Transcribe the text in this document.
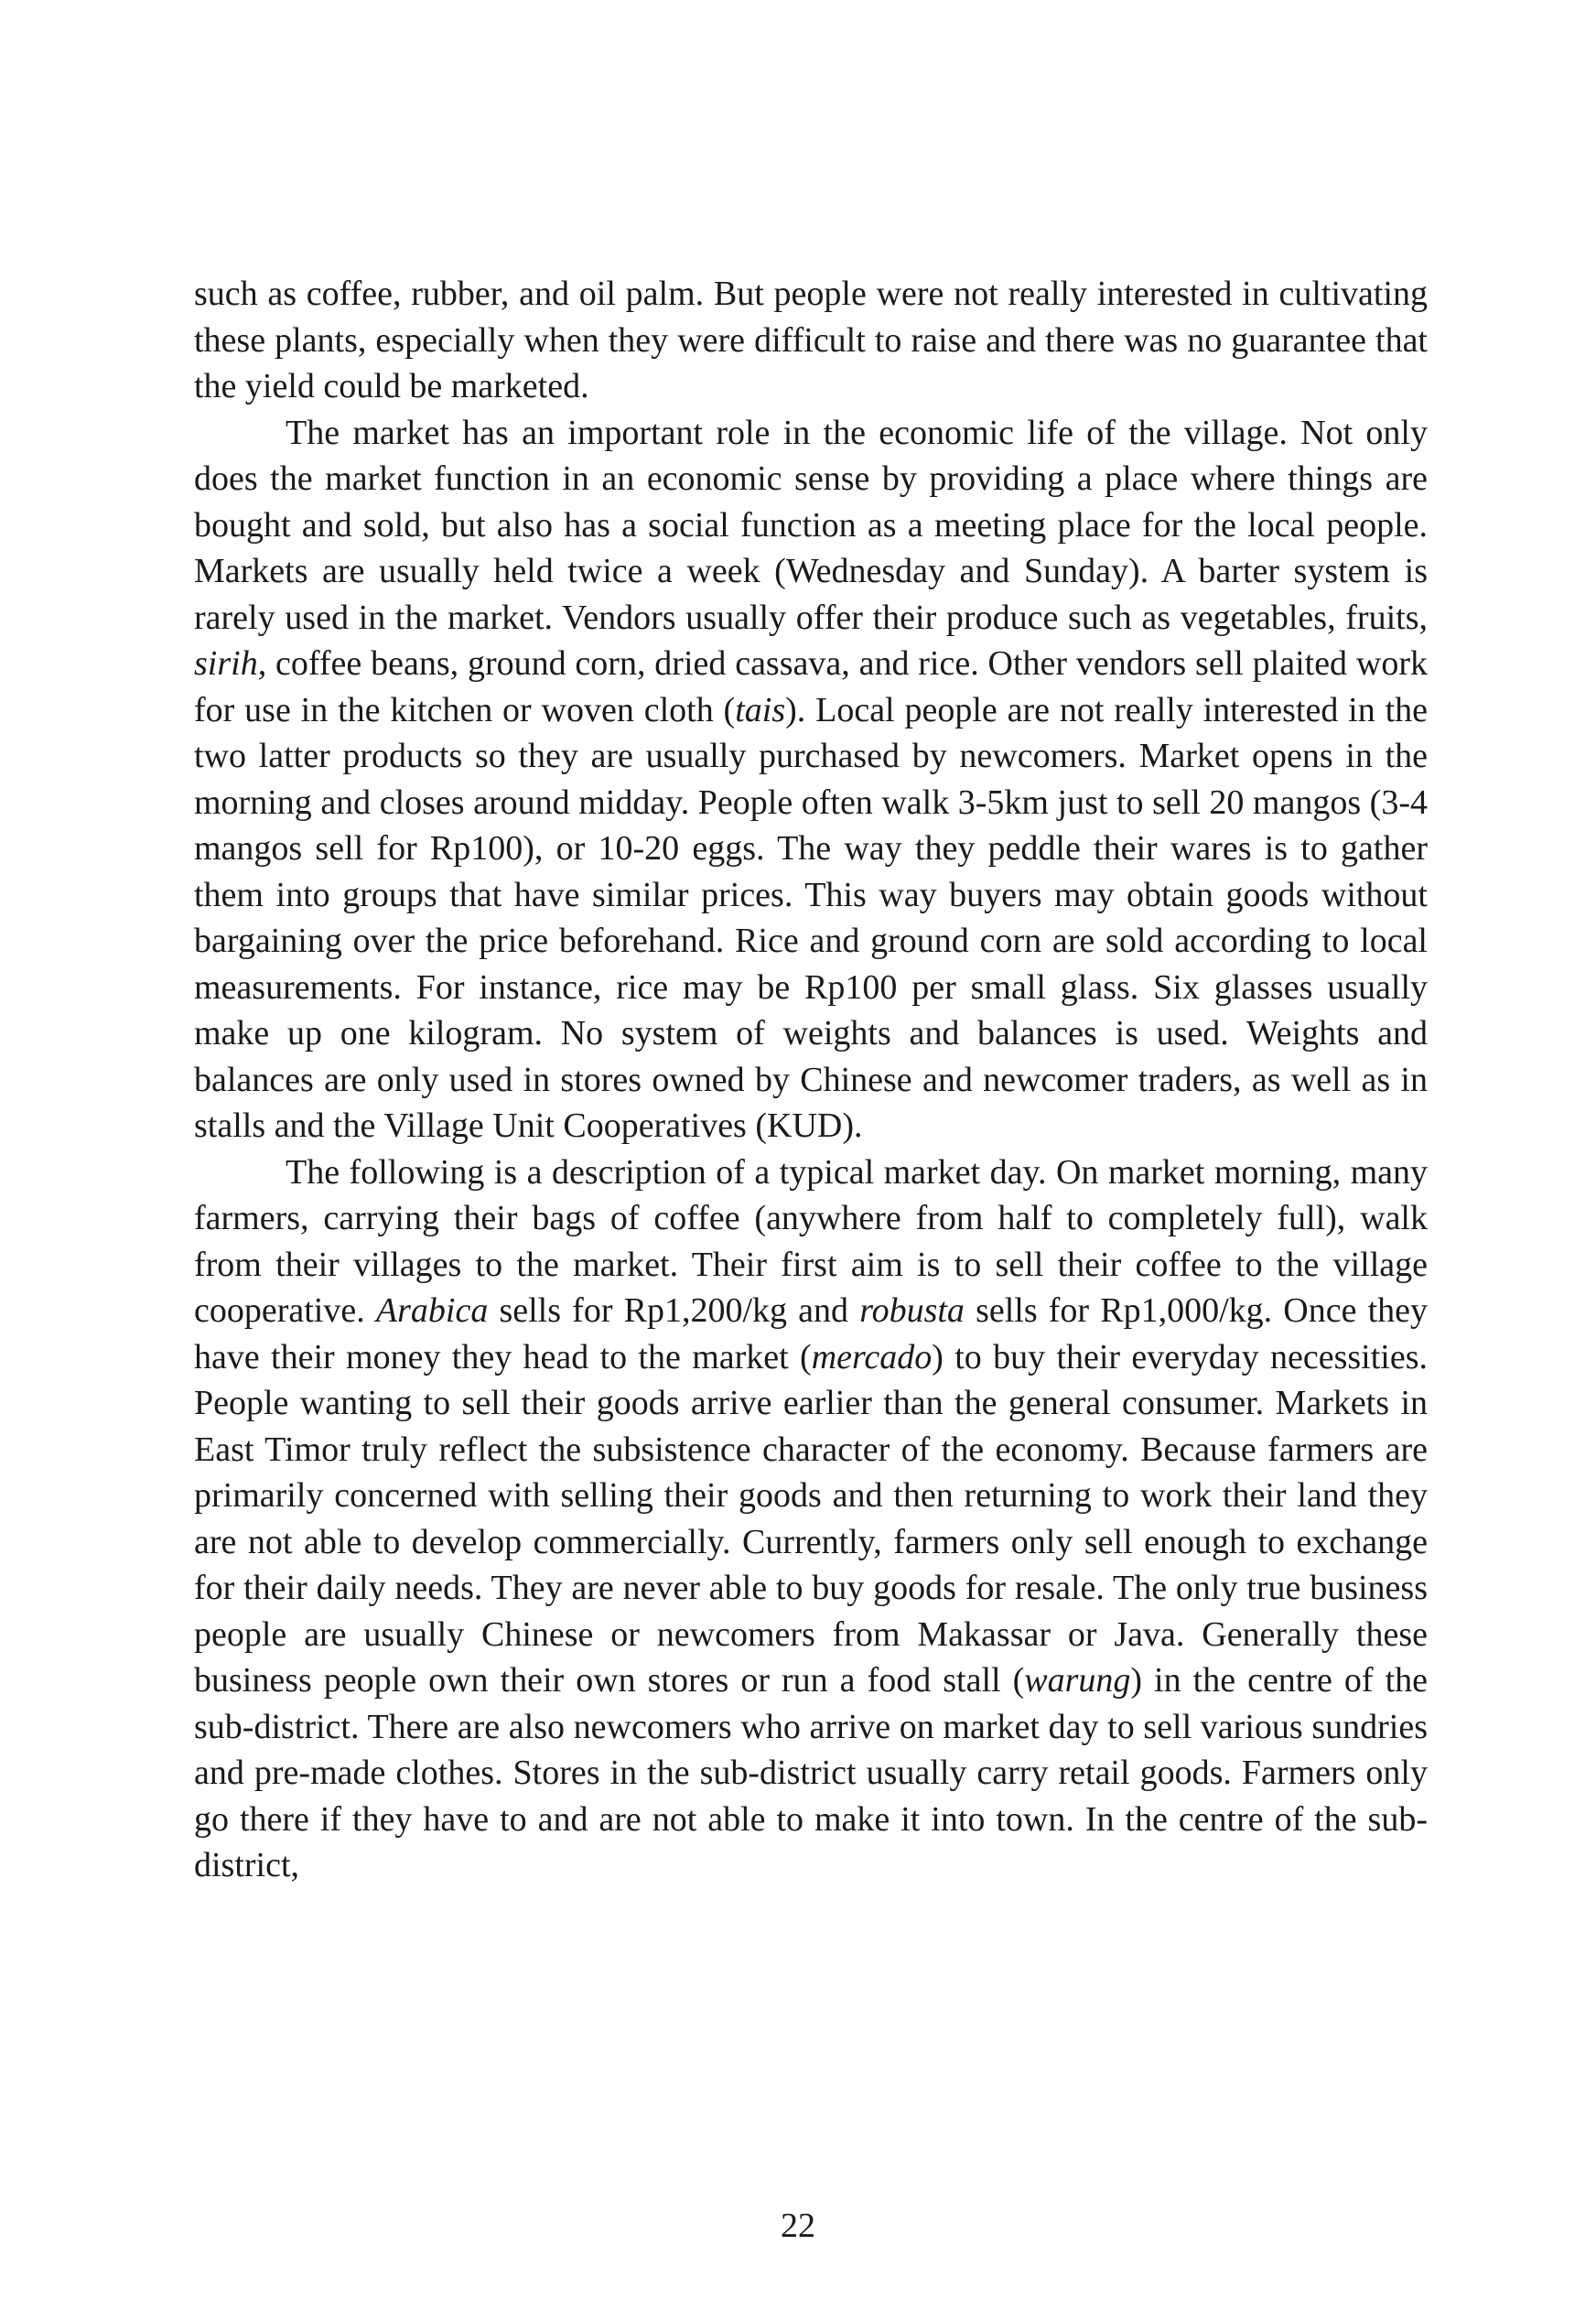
such as coffee, rubber, and oil palm. But people were not really interested in cultivating these plants, especially when they were difficult to raise and there was no guarantee that the yield could be marketed.

The market has an important role in the economic life of the village. Not only does the market function in an economic sense by providing a place where things are bought and sold, but also has a social function as a meeting place for the local people. Markets are usually held twice a week (Wednesday and Sunday). A barter system is rarely used in the market. Vendors usually offer their produce such as vegetables, fruits, sirih, coffee beans, ground corn, dried cassava, and rice. Other vendors sell plaited work for use in the kitchen or woven cloth (tais). Local people are not really interested in the two latter products so they are usually purchased by newcomers. Market opens in the morning and closes around midday. People often walk 3-5km just to sell 20 mangos (3-4 mangos sell for Rp100), or 10-20 eggs. The way they peddle their wares is to gather them into groups that have similar prices. This way buyers may obtain goods without bargaining over the price beforehand. Rice and ground corn are sold according to local measurements. For instance, rice may be Rp100 per small glass. Six glasses usually make up one kilogram. No system of weights and balances is used. Weights and balances are only used in stores owned by Chinese and newcomer traders, as well as in stalls and the Village Unit Cooperatives (KUD).

The following is a description of a typical market day. On market morning, many farmers, carrying their bags of coffee (anywhere from half to completely full), walk from their villages to the market. Their first aim is to sell their coffee to the village cooperative. Arabica sells for Rp1,200/kg and robusta sells for Rp1,000/kg. Once they have their money they head to the market (mercado) to buy their everyday necessities. People wanting to sell their goods arrive earlier than the general consumer. Markets in East Timor truly reflect the subsistence character of the economy. Because farmers are primarily concerned with selling their goods and then returning to work their land they are not able to develop commercially. Currently, farmers only sell enough to exchange for their daily needs. They are never able to buy goods for resale. The only true business people are usually Chinese or newcomers from Makassar or Java. Generally these business people own their own stores or run a food stall (warung) in the centre of the sub-district. There are also newcomers who arrive on market day to sell various sundries and pre-made clothes. Stores in the sub-district usually carry retail goods. Farmers only go there if they have to and are not able to make it into town. In the centre of the sub-district,

22
